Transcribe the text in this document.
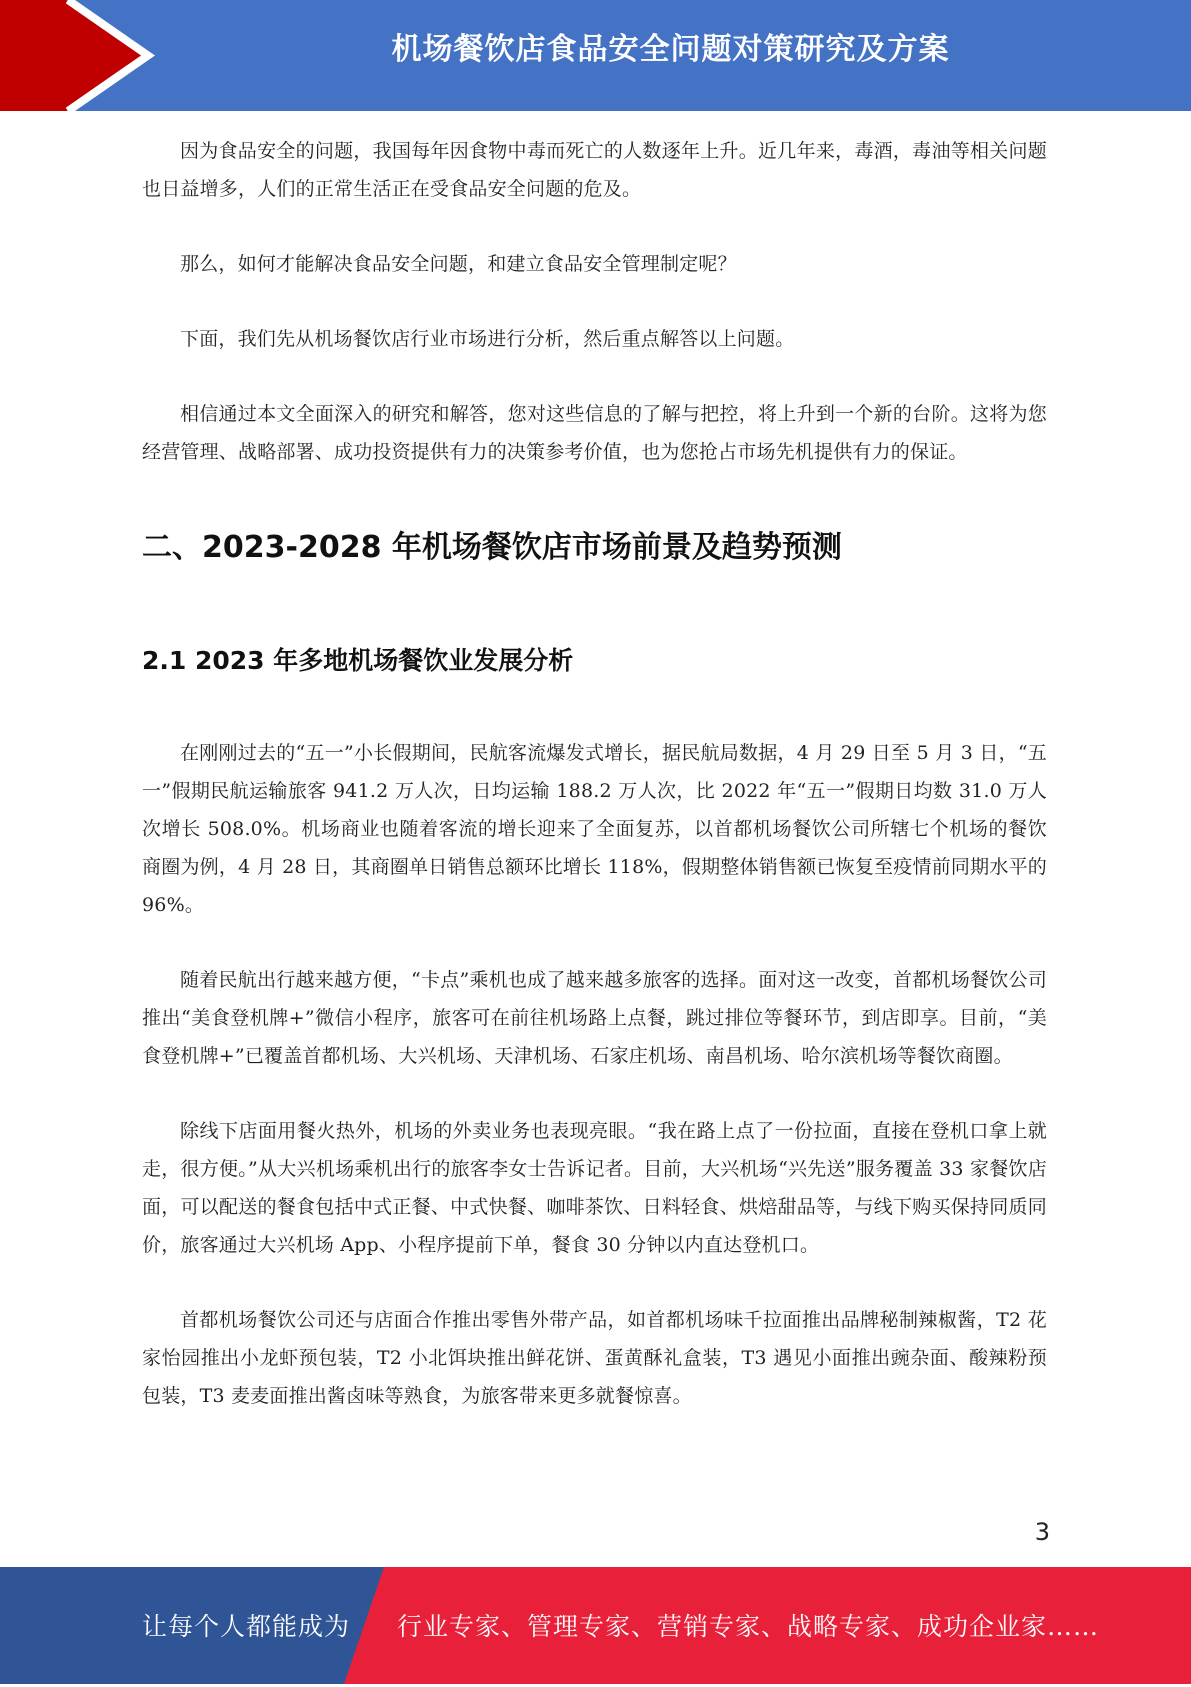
机场餐饮店食品安全问题对策研究及方案

因为食品安全的问题，我国每年因食物中毒而死亡的人数逐年上升。近几年来，毒酒，毒油等相关问题也日益增多，人们的正常生活正在受食品安全问题的危及。

那么，如何才能解决食品安全问题，和建立食品安全管理制定呢？

下面，我们先从机场餐饮店行业市场进行分析，然后重点解答以上问题。

相信通过本文全面深入的研究和解答，您对这些信息的了解与把控，将上升到一个新的台阶。这将为您经营管理、战略部署、成功投资提供有力的决策参考价值，也为您抢占市场先机提供有力的保证。

二、2023-2028 年机场餐饮店市场前景及趋势预测
2.1 2023 年多地机场餐饮业发展分析

在刚刚过去的“五一”小长假期间，民航客流爆发式增长，据民航局数据，4 月 29 日至 5 月 3 日，“五一”假期民航运输旅客 941.2 万人次，日均运输 188.2 万人次，比 2022 年“五一”假期日均数 31.0 万人次增长 508.0%。机场商业也随着客流的增长迎来了全面复苏，以首都机场餐饮公司所辖七个机场的餐饮商圈为例，4 月 28 日，其商圈单日销售总额环比增长 118%，假期整体销售额已恢复至疫情前同期水平的 96%。

随着民航出行越来越方便，“卡点”乘机也成了越来越多旅客的选择。面对这一改变，首都机场餐饮公司推出“美食登机牌+”微信小程序，旅客可在前往机场路上点餐，跳过排位等餐环节，到店即享。目前，“美食登机牌+”已覆盖首都机场、大兴机场、天津机场、石家庄机场、南昌机场、哈尔滨机场等餐饮商圈。

除线下店面用餐火热外，机场的外卖业务也表现亮眼。“我在路上点了一份拉面，直接在登机口拿上就走，很方便。”从大兴机场乘机出行的旅客李女士告诉记者。目前，大兴机场“兴先送”服务覆盖 33 家餐饮店面，可以配送的餐食包括中式正餐、中式快餐、咖啡茶饮、日料轻食、烘焙甜品等，与线下购买保持同质同价，旅客通过大兴机场 App、小程序提前下单，餐食 30 分钟以内直达登机口。

首都机场餐饮公司还与店面合作推出零售外带产品，如首都机场味千拉面推出品牌秘制辣椒酱，T2 花家怡园推出小龙虾预包装，T2 小北饵块推出鲜花饼、蛋黄酥礼盒装，T3 遇见小面推出豌杂面、酸辣粉预包装，T3 麦麦面推出酱卤味等熟食，为旅客带来更多就餐惊喜。

3
让每个人都能成为 行业专家、管理专家、营销专家、战略专家、成功企业家……
